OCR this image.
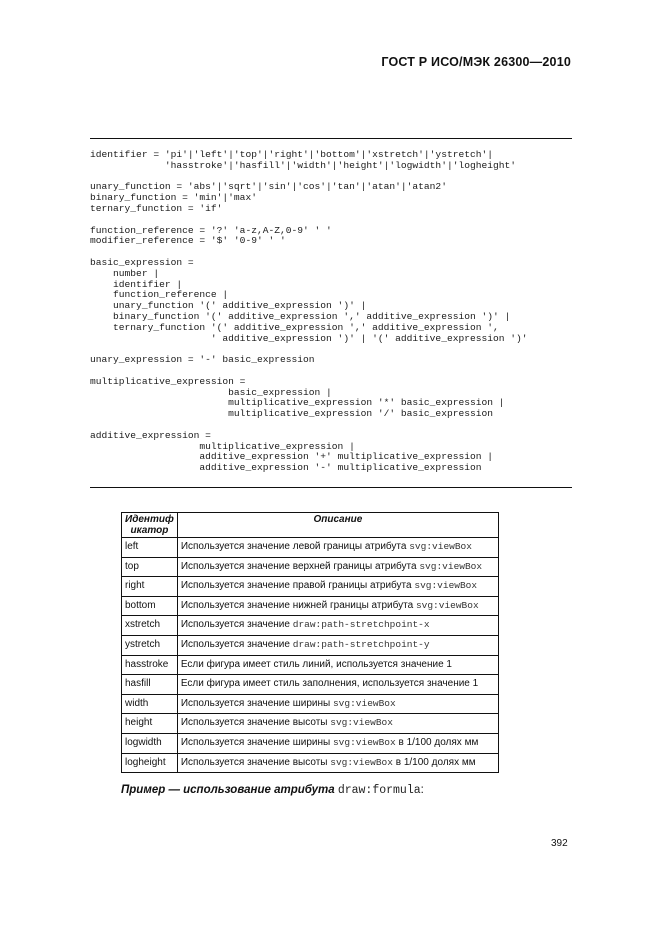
ГОСТ Р ИСО/МЭК 26300—2010
identifier = 'pi'|'left'|'top'|'right'|'bottom'|'xstretch'|'ystretch'|
'hasstroke'|'hasfill'|'width'|'height'|'logwidth'|'logheight'
unary_function = 'abs'|'sqrt'|'sin'|'cos'|'tan'|'atan'|'atan2'
binary_function = 'min'|'max'
ternary_function = 'if'
function_reference = '?' 'a-z,A-Z,0-9' ' '
modifier_reference = '$' '0-9' ' '
basic_expression =
number |
identifier |
function_reference |
unary_function '(' additive_expression ')' |
binary_function '(' additive_expression ',' additive_expression ')' |
ternary_function '(' additive_expression ',' additive_expression ',
' additive_expression ')' | '(' additive_expression ')'
unary_expression = '-' basic_expression
multiplicative_expression =
basic_expression |
multiplicative_expression '*' basic_expression |
multiplicative_expression '/' basic_expression
additive_expression =
multiplicative_expression |
additive_expression '+' multiplicative_expression |
additive_expression '-' multiplicative_expression
Идентиф икатор	Описание
left	Используется значение левой границы атрибута svg:viewBox
top	Используется значение верхней границы атрибута svg:viewBox
right	Используется значение правой границы атрибута svg:viewBox
bottom	Используется значение нижней границы атрибута svg:viewBox
xstretch	Используется значение draw:path-stretchpoint-x
ystretch	Используется значение draw:path-stretchpoint-y
hasstroke	Если фигура имеет стиль линий, используется значение 1
hasfill	Если фигура имеет стиль заполнения, используется значение 1
width	Используется значение ширины svg:viewBox
height	Используется значение высоты svg:viewBox
logwidth	Используется значение ширины svg:viewBox в 1/100 долях мм
logheight	Используется значение высоты svg:viewBox в 1/100 долях мм
Пример — использование атрибута draw:formula:
392
